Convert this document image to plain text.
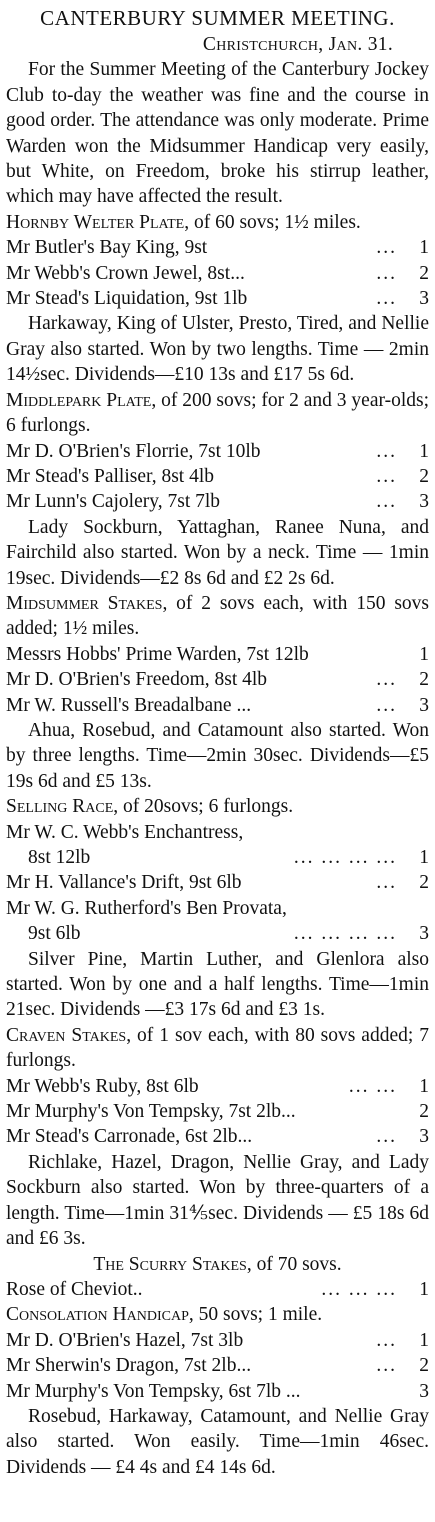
CANTERBURY SUMMER MEETING.
Christchurch, Jan. 31.
For the Summer Meeting of the Canterbury Jockey Club to-day the weather was fine and the course in good order. The attendance was only moderate. Prime Warden won the Midsummer Handicap very easily, but White, on Freedom, broke his stirrup leather, which may have affected the result.
Hornby Welter Plate, of 60 sovs; 1½ miles.
Mr Butler's Bay King, 9st	...	1
Mr Webb's Crown Jewel, 8st...	...	2
Mr Stead's Liquidation, 9st 1lb	...	3
Harkaway, King of Ulster, Presto, Tired, and Nellie Gray also started. Won by two lengths. Time — 2min 14½sec. Dividends—£10 13s and £17 5s 6d.
Middlepark Plate, of 200 sovs; for 2 and 3 year-olds; 6 furlongs.
Mr D. O'Brien's Florrie, 7st 10lb	...	1
Mr Stead's Palliser, 8st 4lb	...	2
Mr Lunn's Cajolery, 7st 7lb	...	3
Lady Sockburn, Yattaghan, Ranee Nuna, and Fairchild also started. Won by a neck. Time — 1min 19sec. Dividends—£2 8s 6d and £2 2s 6d.
Midsummer Stakes, of 2 sovs each, with 150 sovs added; 1½ miles.
Messrs Hobbs' Prime Warden, 7st 12lb	1
Mr D. O'Brien's Freedom, 8st 4lb	...	2
Mr W. Russell's Breadalbane ...	...	3
Ahua, Rosebud, and Catamount also started. Won by three lengths. Time—2min 30sec. Dividends—£5 19s 6d and £5 13s.
Selling Race, of 20sovs; 6 furlongs.
Mr W. C. Webb's Enchantress,
8st 12lb	... ... ... ...	1
Mr H. Vallance's Drift, 9st 6lb	...	2
Mr W. G. Rutherford's Ben Provata,
9st 6lb	... ... ... ...	3
Silver Pine, Martin Luther, and Glenlora also started. Won by one and a half lengths. Time—1min 21sec. Dividends —£3 17s 6d and £3 1s.
Craven Stakes, of 1 sov each, with 80 sovs added; 7 furlongs.
Mr Webb's Ruby, 8st 6lb	... ...	1
Mr Murphy's Von Tempsky, 7st 2lb...	2
Mr Stead's Carronade, 6st 2lb...	...	3
Richlake, Hazel, Dragon, Nellie Gray, and Lady Sockburn also started. Won by three-quarters of a length. Time—1min 31⅘sec. Dividends — £5 18s 6d and £6 3s.
The Scurry Stakes, of 70 sovs.
Rose of Cheviot..	... ... ...	1
Consolation Handicap, 50 sovs; 1 mile.
Mr D. O'Brien's Hazel, 7st 3lb	...	1
Mr Sherwin's Dragon, 7st 2lb...	...	2
Mr Murphy's Von Tempsky, 6st 7lb ...	3
Rosebud, Harkaway, Catamount, and Nellie Gray also started. Won easily. Time—1min 46sec. Dividends — £4 4s and £4 14s 6d.
